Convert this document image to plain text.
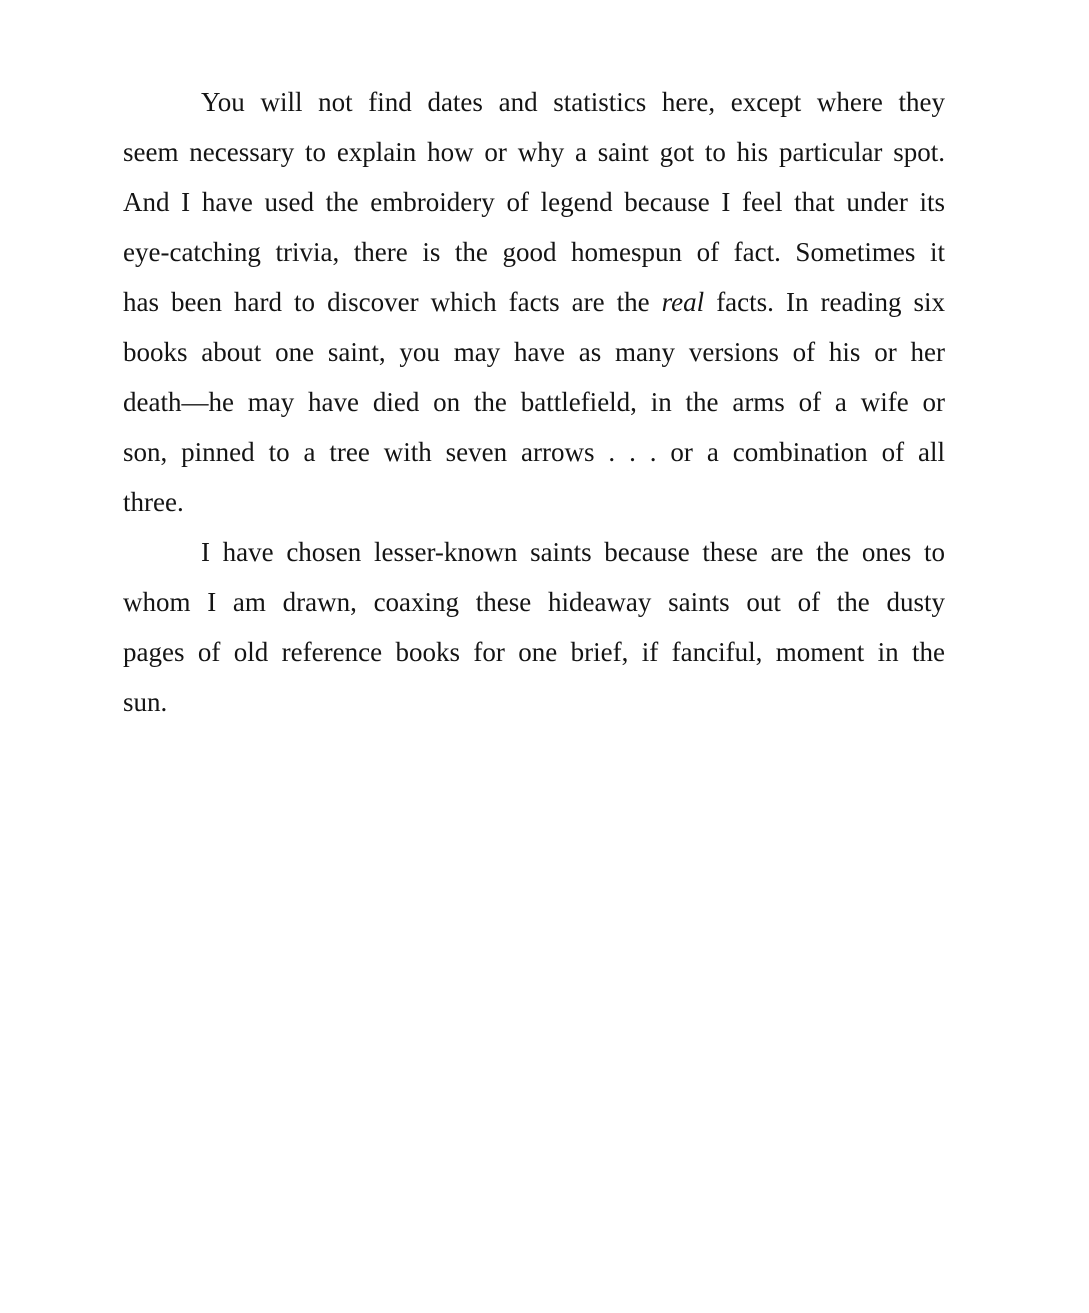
You will not find dates and statistics here, except where they
seem necessary to explain how or why a saint got to his particular spot.
And I have used the embroidery of legend because I feel that under its
eye-catching trivia, there is the good homespun of fact. Sometimes it
has been hard to discover which facts are the real facts. In reading six
books about one saint, you may have as many versions of his or her
death—he may have died on the battlefield, in the arms of a wife or
son, pinned to a tree with seven arrows . . . or a combination of all
three.
I have chosen lesser-known saints because these are the ones to
whom I am drawn, coaxing these hideaway saints out of the dusty
pages of old reference books for one brief, if fanciful, moment in the
sun.
